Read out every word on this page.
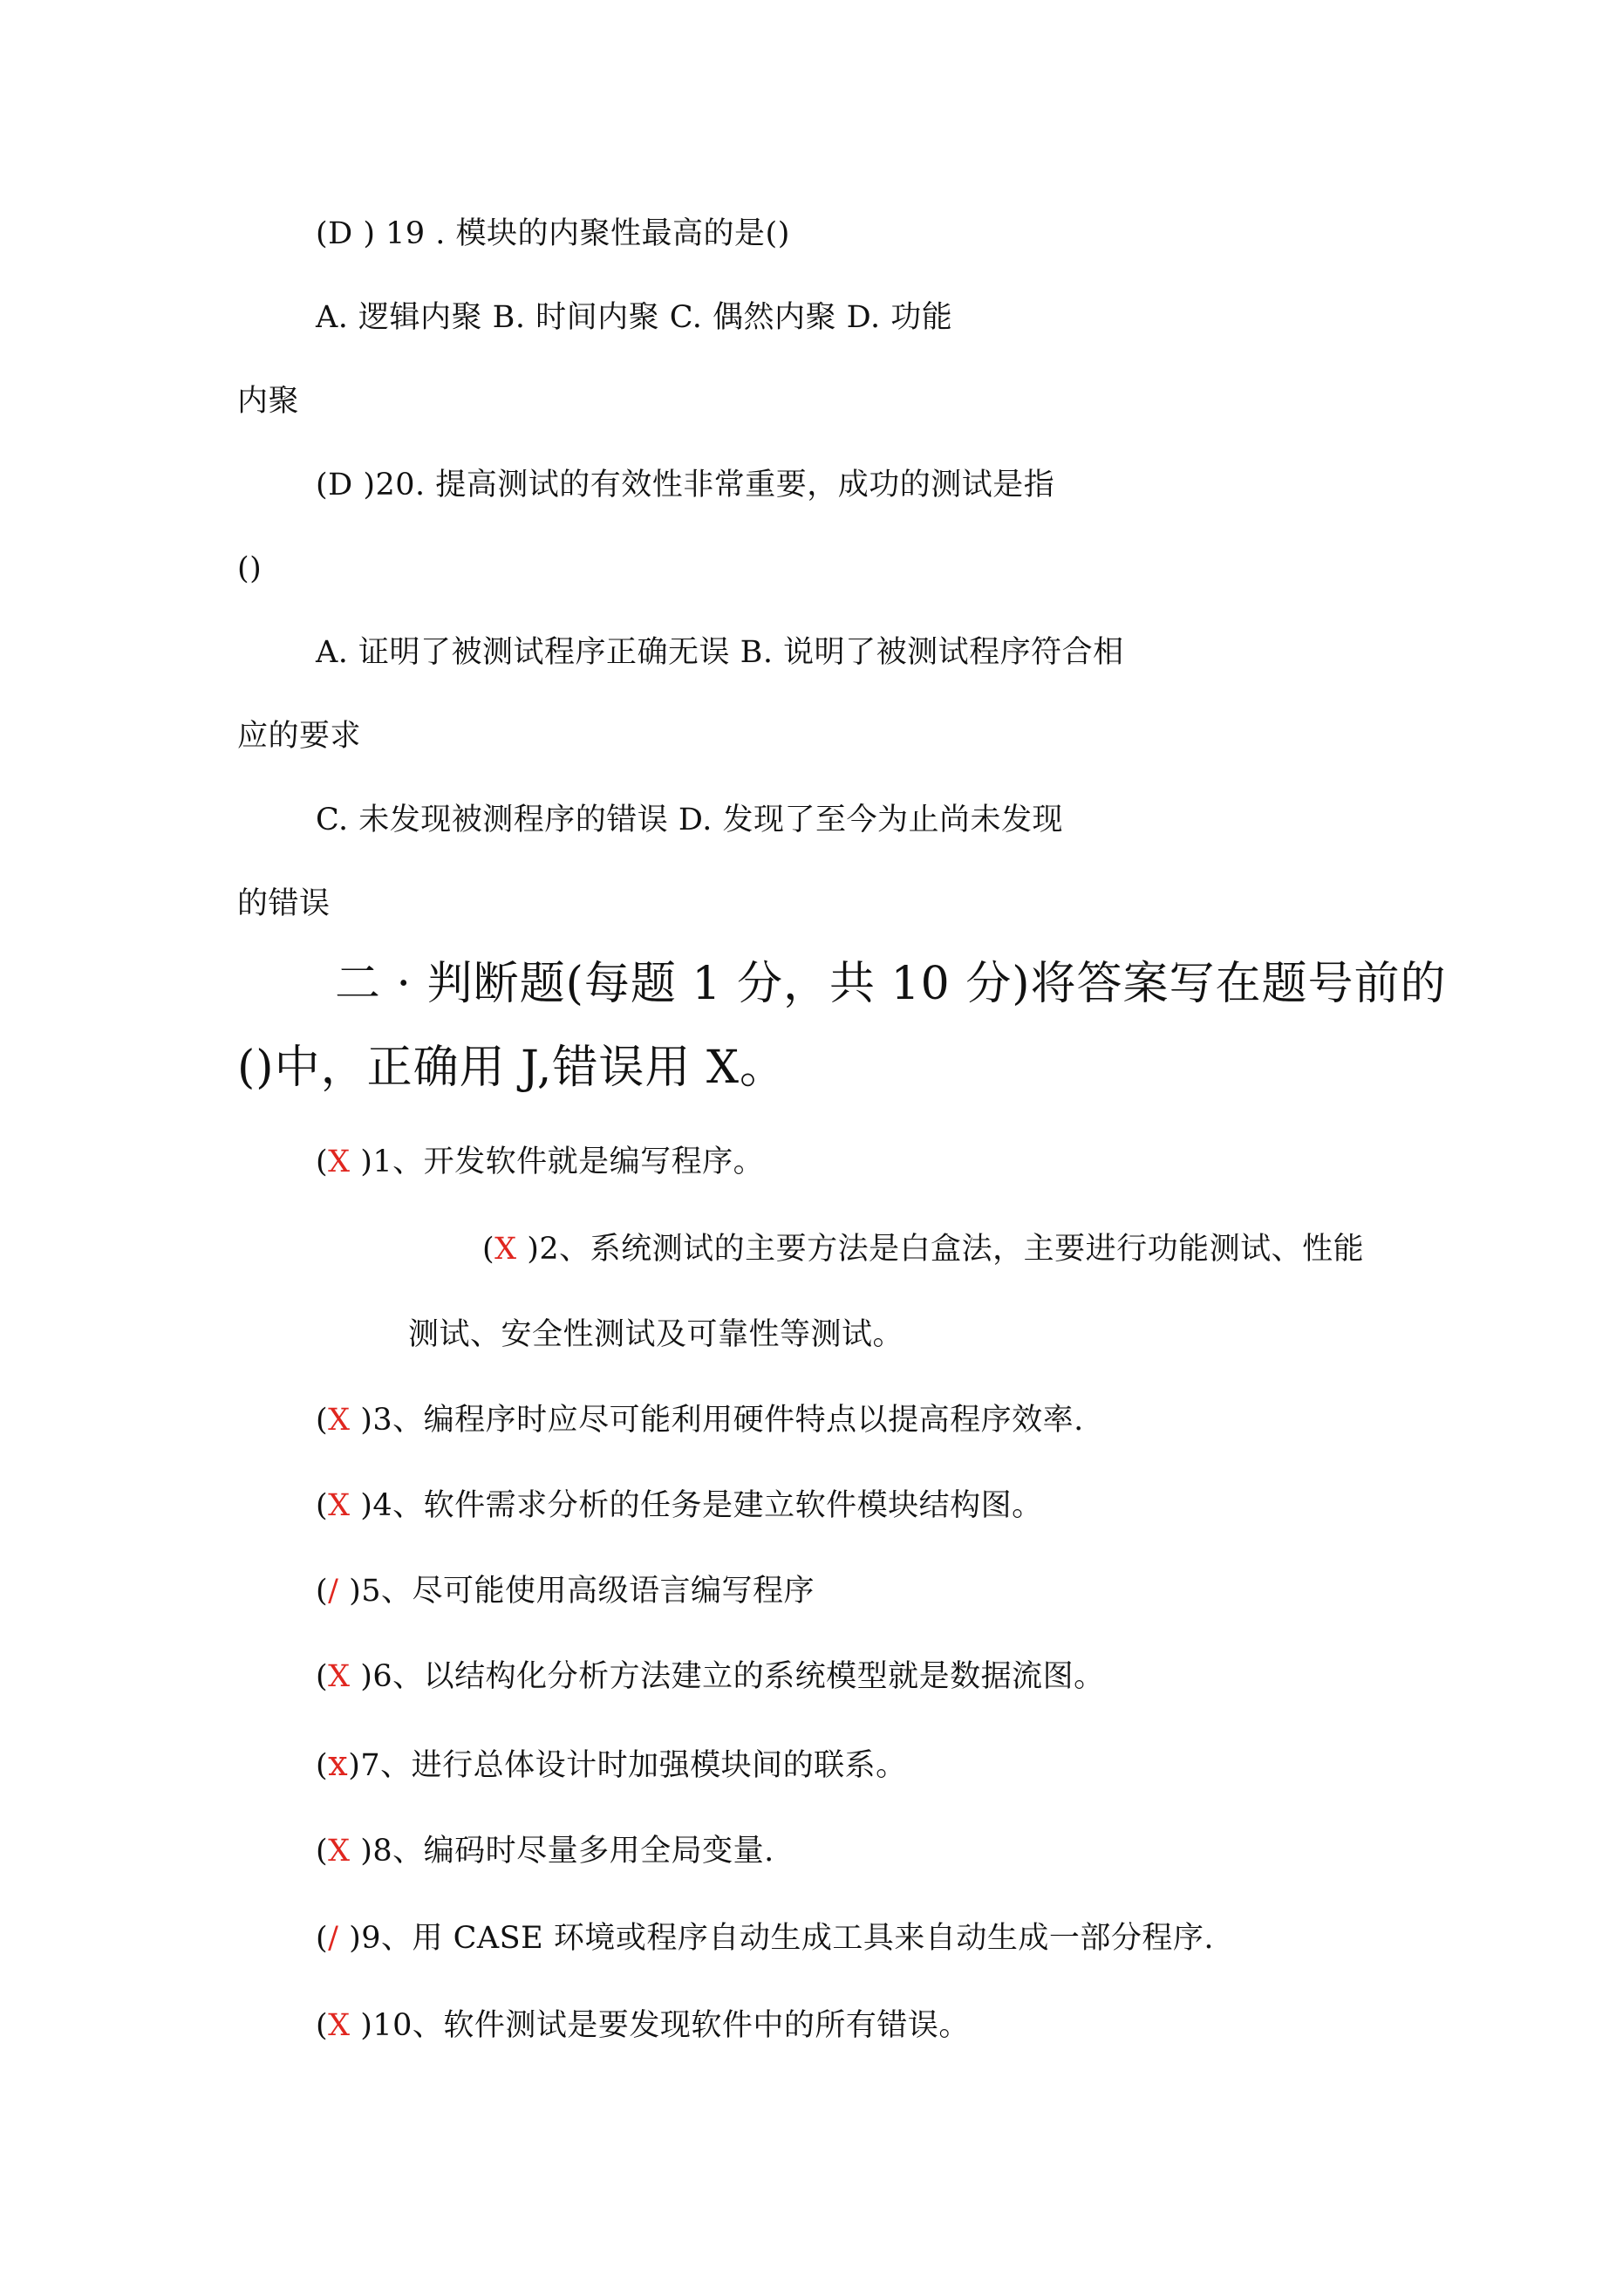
(D ) 19 . 模块的内聚性最高的是()
A. 逻辑内聚 B. 时间内聚 C. 偶然内聚 D. 功能
内聚
(D )20. 提高测试的有效性非常重要，成功的测试是指
()
A. 证明了被测试程序正确无误 B. 说明了被测试程序符合相
应的要求
C. 未发现被测程序的错误 D. 发现了至今为止尚未发现
的错误
二 · 判断题(每题 1 分，共 10 分)将答案写在题号前的
()中，正确用 J,错误用 X。
(X )1、开发软件就是编写程序。
(X )2、系统测试的主要方法是白盒法，主要进行功能测试、性能
测试、安全性测试及可靠性等测试。
(X )3、编程序时应尽可能利用硬件特点以提高程序效率.
(X )4、软件需求分析的任务是建立软件模块结构图。
(/ )5、尽可能使用高级语言编写程序
(X )6、以结构化分析方法建立的系统模型就是数据流图。
(x)7、进行总体设计时加强模块间的联系。
(X )8、编码时尽量多用全局变量.
(/ )9、用 CASE 环境或程序自动生成工具来自动生成一部分程序.
(X )10、软件测试是要发现软件中的所有错误。
